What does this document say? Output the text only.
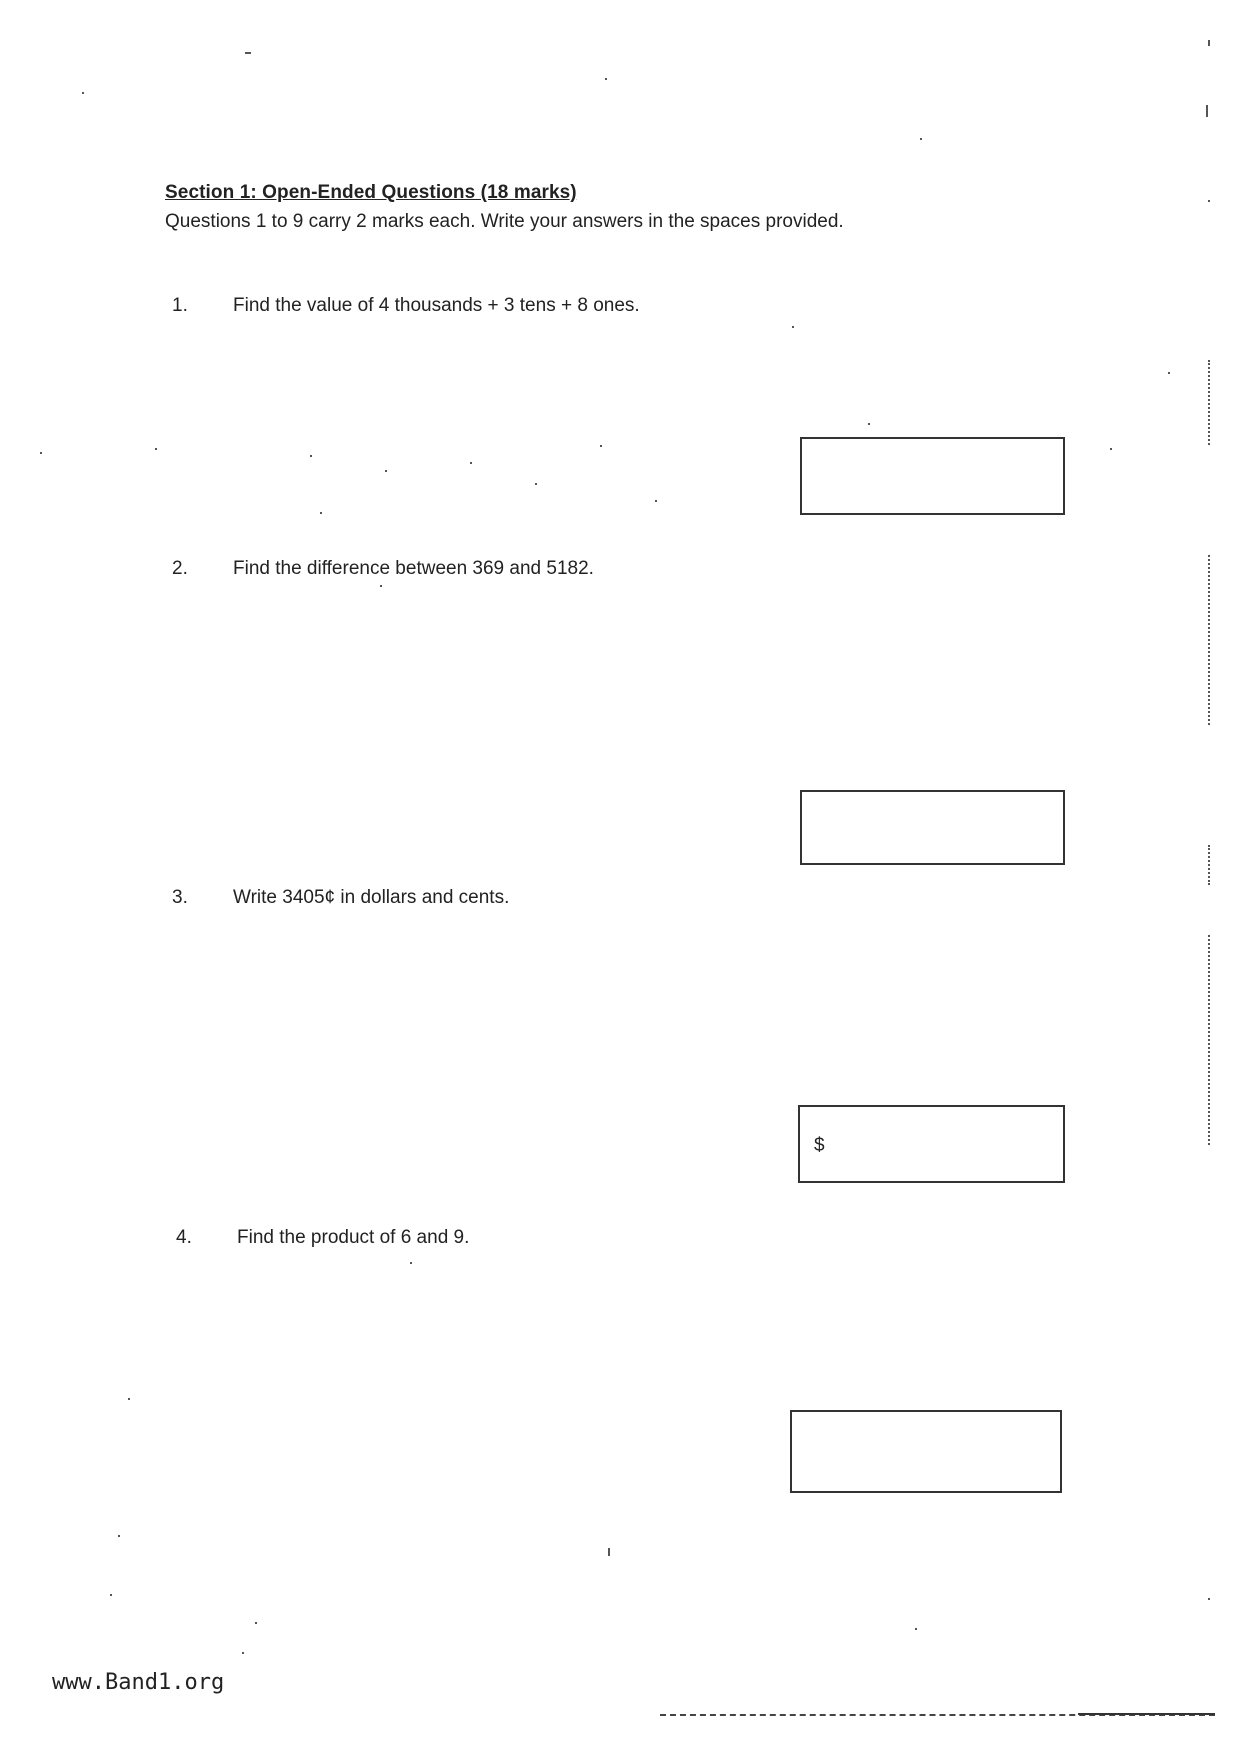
Section 1: Open-Ended Questions (18 marks)
Questions 1 to 9 carry 2 marks each. Write your answers in the spaces provided.
1. Find the value of 4 thousands + 3 tens + 8 ones.
2. Find the difference between 369 and 5182.
3. Write 3405¢ in dollars and cents.
$
4. Find the product of 6 and 9.
www.Band1.org
